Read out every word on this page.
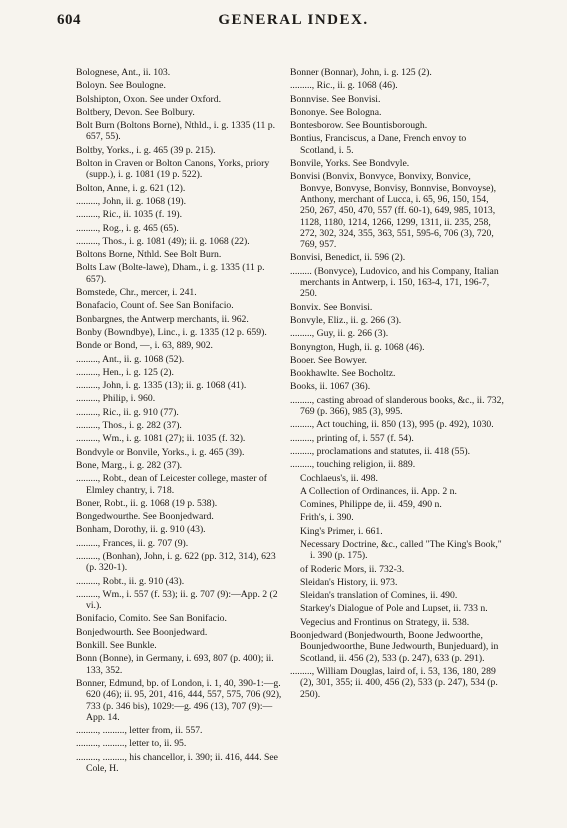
604	GENERAL INDEX.
Bolognese, Ant., ii. 103.
Boloyn. See Boulogne.
Bolshipton, Oxon. See under Oxford.
Boltbery, Devon. See Bolbury.
Bolt Burn (Boltons Borne), Nthld., i. g. 1335 (11 p. 657, 55).
Boltby, Yorks., i. g. 465 (39 p. 215).
Bolton in Craven or Bolton Canons, Yorks, priory (supp.), i. g. 1081 (19 p. 522).
Bolton, Anne, i. g. 621 (12).
........., John, ii. g. 1068 (19).
........., Ric., ii. 1035 (f. 19).
........., Rog., i. g. 465 (65).
........., Thos., i. g. 1081 (49); ii. g. 1068 (22).
Boltons Borne, Nthld. See Bolt Burn.
Bolts Law (Bolte-lawe), Dham., i. g. 1335 (11 p. 657).
Bomstede, Chr., mercer, i. 241.
Bonafacio, Count of. See San Bonifacio.
Bonbargnes, the Antwerp merchants, ii. 962.
Bonby (Bowndbye), Linc., i. g. 1335 (12 p. 659).
Bonde or Bond, —, i. 63, 889, 902.
........., Ant., ii. g. 1068 (52).
........., Hen., i. g. 125 (2).
........., John, i. g. 1335 (13); ii. g. 1068 (41).
........., Philip, i. 960.
........., Ric., ii. g. 910 (77).
........., Thos., i. g. 282 (37).
........., Wm., i. g. 1081 (27); ii. 1035 (f. 32).
Bondvyle or Bonvile, Yorks., i. g. 465 (39).
Bone, Marg., i. g. 282 (37).
........., Robt., dean of Leicester college, master of Elmley chantry, i. 718.
Boner, Robt., ii. g. 1068 (19 p. 538).
Bongedwourthe. See Boonjedward.
Bonham, Dorothy, ii. g. 910 (43).
........., Frances, ii. g. 707 (9).
........., (Bonhan), John, i. g. 622 (pp. 312, 314), 623 (p. 320-1).
........., Robt., ii. g. 910 (43).
........., Wm., i. 557 (f. 53); ii. g. 707 (9):—App. 2 (2 vi.).
Bonifacio, Comito. See San Bonifacio.
Bonjedwourth. See Boonjedward.
Bonkill. See Bunkle.
Bonn (Bonne), in Germany, i. 693, 807 (p. 400); ii. 133, 352.
Bonner, Edmund, bp. of London, i. 1, 40, 390-1:—g. 620 (46); ii. 95, 201, 416, 444, 557, 575, 706 (92), 733 (p. 346 bis), 1029:—g. 496 (13), 707 (9):—App. 14.
........., ........., letter from, ii. 557.
........., ........., letter to, ii. 95.
........., ........., his chancellor, i. 390; ii. 416, 444. See Cole, H.
Bonner (Bonnar), John, i. g. 125 (2).
........., Ric., ii. g. 1068 (46).
Bonnvise. See Bonvisi.
Bononye. See Bologna.
Bontesborow. See Bountisborough.
Bontius, Franciscus, a Dane, French envoy to Scotland, i. 5.
Bonvile, Yorks. See Bondvyle.
Bonvisi (Bonvix, Bonvyce, Bonvixy, Bonvice, Bonvye, Bonvyse, Bonvisy, Bonnvise, Bonvoyse), Anthony, merchant of Lucca, i. 65, 96, 150, 154, 250, 267, 450, 470, 557 (ff. 60-1), 649, 985, 1013, 1128, 1180, 1214, 1266, 1299, 1311, ii. 235, 258, 272, 302, 324, 355, 363, 551, 595-6, 706 (3), 720, 769, 957.
Bonvisi, Benedict, ii. 596 (2).
......... (Bonvyce), Ludovico, and his Company, Italian merchants in Antwerp, i. 150, 163-4, 171, 196-7, 250.
Bonvix. See Bonvisi.
Bonvyle, Eliz., ii. g. 266 (3).
........., Guy, ii. g. 266 (3).
Bonyngton, Hugh, ii. g. 1068 (46).
Booer. See Bowyer.
Bookhawlte. See Bocholtz.
Books, ii. 1067 (36).
........., casting abroad of slanderous books, &c., ii. 732, 769 (p. 366), 985 (3), 995.
........., Act touching, ii. 850 (13), 995 (p. 492), 1030.
........., printing of, i. 557 (f. 54).
........., proclamations and statutes, ii. 418 (55).
........., touching religion, ii. 889.
Cochlaeus's, ii. 498.
A Collection of Ordinances, ii. App. 2 n.
Comines, Philippe de, ii. 459, 490 n.
Frith's, i. 390.
King's Primer, i. 661.
Necessary Doctrine, &c., called "The King's Book," i. 390 (p. 175).
of Roderic Mors, ii. 732-3.
Sleidan's History, ii. 973.
Sleidan's translation of Comines, ii. 490.
Starkey's Dialogue of Pole and Lupset, ii. 733 n.
Vegecius and Frontinus on Strategy, ii. 538.
Boonjedward (Bonjedwourth, Boone Jedwoorthe, Bounjedwoorthe, Bune Jedwourth, Bunjeduard), in Scotland, ii. 456 (2), 533 (p. 247), 633 (p. 291).
........., William Douglas, laird of, i. 53, 136, 180, 289 (2), 301, 355; ii. 400, 456 (2), 533 (p. 247), 534 (p. 250).
